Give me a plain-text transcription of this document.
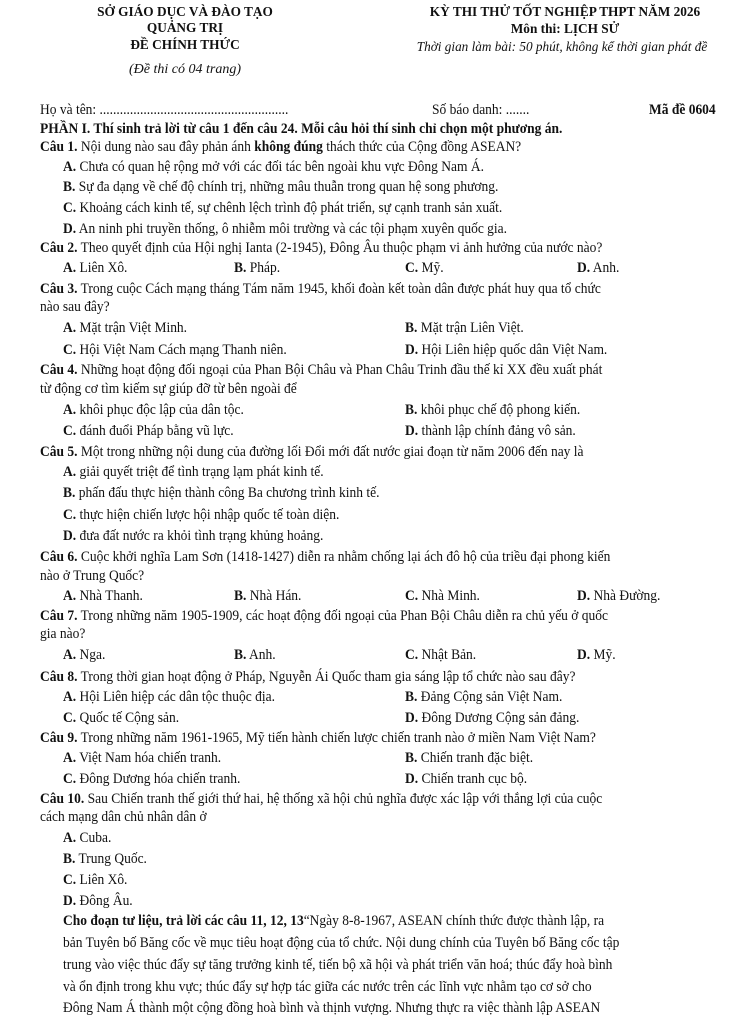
SỞ GIÁO DỤC VÀ ĐÀO TẠO
QUẢNG TRỊ
ĐỀ CHÍNH THỨC
(Đề thi có 04 trang)
KỲ THI THỬ TỐT NGHIỆP THPT NĂM 2026
Môn thi: LỊCH SỬ
Thời gian làm bài: 50 phút, không kể thời gian phát đề
Họ và tên: ........................................................	Số báo danh: .......	Mã đề 0604
PHẦN I. Thí sinh trả lời từ câu 1 đến câu 24. Mỗi câu hỏi thí sinh chỉ chọn một phương án.
Câu 1. Nội dung nào sau đây phản ánh không đúng thách thức của Cộng đồng ASEAN?
A. Chưa có quan hệ rộng mở với các đối tác bên ngoài khu vực Đông Nam Á.
B. Sự đa dạng về chế độ chính trị, những mâu thuẫn trong quan hệ song phương.
C. Khoảng cách kinh tế, sự chênh lệch trình độ phát triển, sự cạnh tranh sản xuất.
D. An ninh phi truyền thống, ô nhiễm môi trường và các tội phạm xuyên quốc gia.
Câu 2. Theo quyết định của Hội nghị Ianta (2-1945), Đông Âu thuộc phạm vi ảnh hưởng của nước nào?
A. Liên Xô.	B. Pháp.	C. Mỹ.	D. Anh.
Câu 3. Trong cuộc Cách mạng tháng Tám năm 1945, khối đoàn kết toàn dân được phát huy qua tổ chức
nào sau đây?
A. Mặt trận Việt Minh.	B. Mặt trận Liên Việt.
C. Hội Việt Nam Cách mạng Thanh niên.	D. Hội Liên hiệp quốc dân Việt Nam.
Câu 4. Những hoạt động đối ngoại của Phan Bội Châu và Phan Châu Trinh đầu thế kỉ XX đều xuất phát
từ động cơ tìm kiếm sự giúp đỡ từ bên ngoài để
A. khôi phục độc lập của dân tộc.	B. khôi phục chế độ phong kiến.
C. đánh đuổi Pháp bằng vũ lực.	D. thành lập chính đảng vô sản.
Câu 5. Một trong những nội dung của đường lối Đổi mới đất nước giai đoạn từ năm 2006 đến nay là
A. giải quyết triệt để tình trạng lạm phát kinh tế.
B. phấn đấu thực hiện thành công Ba chương trình kinh tế.
C. thực hiện chiến lược hội nhập quốc tế toàn diện.
D. đưa đất nước ra khỏi tình trạng khủng hoảng.
Câu 6. Cuộc khởi nghĩa Lam Sơn (1418-1427) diễn ra nhằm chống lại ách đô hộ của triều đại phong kiến
nào ở Trung Quốc?
A. Nhà Thanh.	B. Nhà Hán.	C. Nhà Minh.	D. Nhà Đường.
Câu 7. Trong những năm 1905-1909, các hoạt động đối ngoại của Phan Bội Châu diễn ra chủ yếu ở quốc
gia nào?
A. Nga.	B. Anh.	C. Nhật Bản.	D. Mỹ.
Câu 8. Trong thời gian hoạt động ở Pháp, Nguyễn Ái Quốc tham gia sáng lập tổ chức nào sau đây?
A. Hội Liên hiệp các dân tộc thuộc địa.	B. Đảng Cộng sản Việt Nam.
C. Quốc tế Cộng sản.	D. Đông Dương Cộng sản đảng.
Câu 9. Trong những năm 1961-1965, Mỹ tiến hành chiến lược chiến tranh nào ở miền Nam Việt Nam?
A. Việt Nam hóa chiến tranh.	B. Chiến tranh đặc biệt.
C. Đông Dương hóa chiến tranh.	D. Chiến tranh cục bộ.
Câu 10. Sau Chiến tranh thế giới thứ hai, hệ thống xã hội chủ nghĩa được xác lập với thắng lợi của cuộc
cách mạng dân chủ nhân dân ở
A. Cuba.
B. Trung Quốc.
C. Liên Xô.
D. Đông Âu.
Cho đoạn tư liệu, trả lời các câu 11, 12, 13“Ngày 8-8-1967, ASEAN chính thức được thành lập, ra
bản Tuyên bố Băng cốc về mục tiêu hoạt động của tổ chức. Nội dung chính của Tuyên bố Băng cốc tập
trung vào việc thúc đẩy sự tăng trưởng kinh tế, tiến bộ xã hội và phát triển văn hoá; thúc đẩy hoà bình
và ổn định trong khu vực; thúc đẩy sự hợp tác giữa các nước trên các lĩnh vực nhằm tạo cơ sở cho
Đông Nam Á thành một cộng đồng hoà bình và thịnh vượng. Nhưng thực ra việc thành lập ASEAN
